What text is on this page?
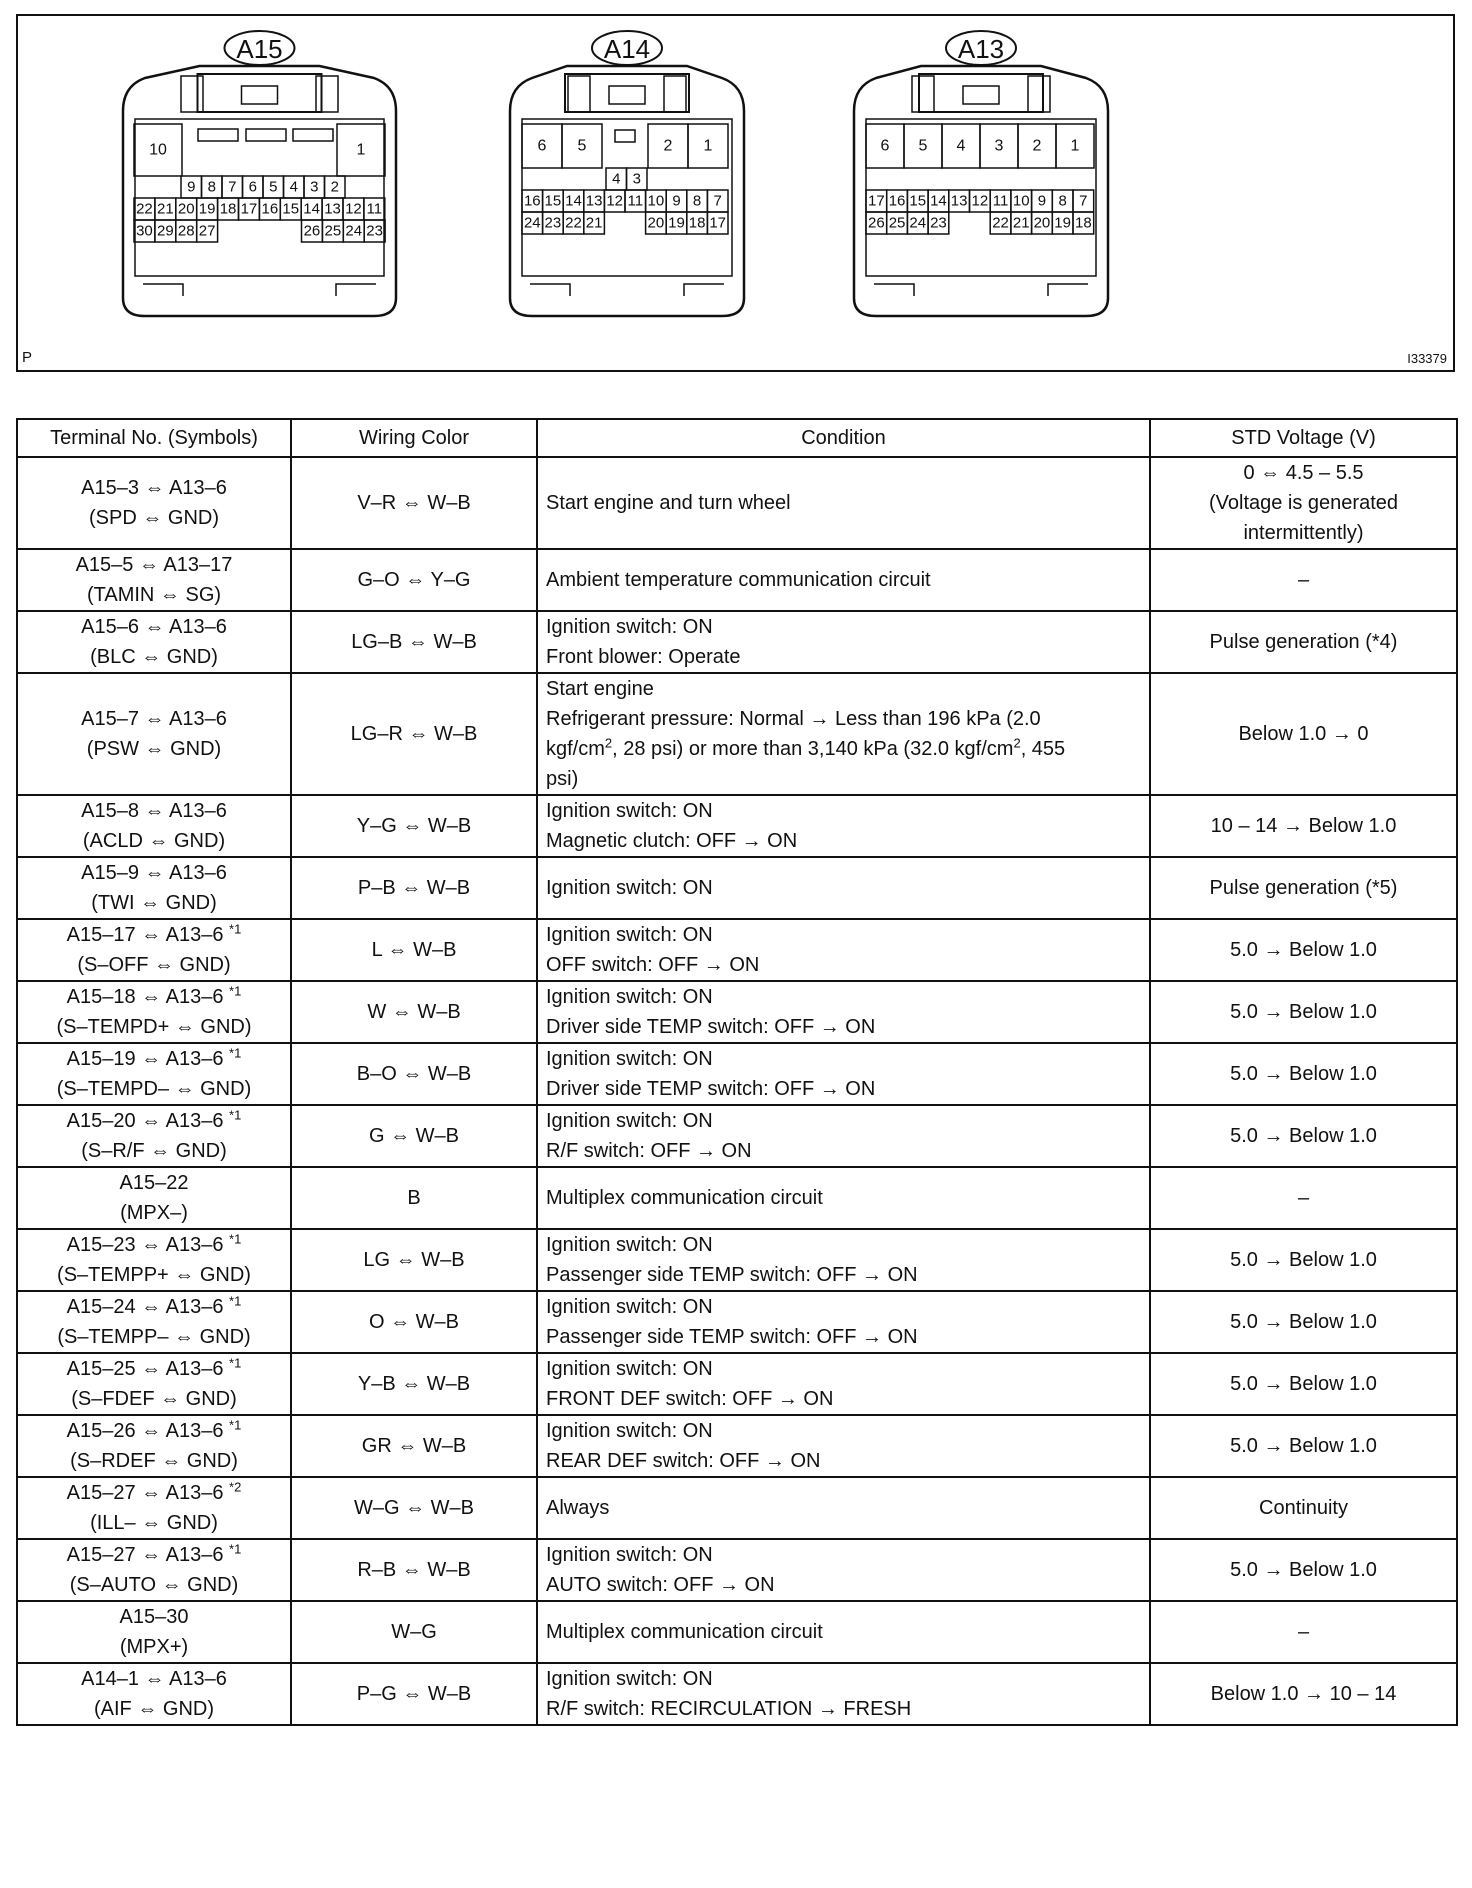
A15
10	1
9 8 7 6 5 4 3 2
22 21 20 19 18 17 16 15 14 13 12 11
30 29 28 27	26 25 24 23
A14
6 5	2 1
4 3
16 15 14 13 12 11 10 9 8 7
24 23 22 21	20 19 18 17
A13
6 5 4 3 2 1
17 16 15 14 13 12 11 10 9 8 7
26 25 24 23	22 21 20 19 18
P	I33379
Terminal No. (Symbols)	Wiring Color	Condition	STD Voltage (V)

A15–3 ⇔ A13–6
(SPD ⇔ GND)	V–R ⇔ W–B	Start engine and turn wheel	0 ⇔ 4.5 – 5.5
(Voltage is generated
intermittently)

A15–5 ⇔ A13–17
(TAMIN ⇔ SG)	G–O ⇔ Y–G	Ambient temperature communication circuit	–

A15–6 ⇔ A13–6
(BLC ⇔ GND)	LG–B ⇔ W–B	Ignition switch: ON
Front blower: Operate	Pulse generation (*4)

A15–7 ⇔ A13–6
(PSW ⇔ GND)	LG–R ⇔ W–B	Start engine
Refrigerant pressure: Normal → Less than 196 kPa (2.0
kgf/$cm^2$, 28 psi) or more than 3,140 kPa (32.0 kgf/$cm^2$, 455
psi)	Below 1.0 → 0

A15–8 ⇔ A13–6
(ACLD ⇔ GND)	Y–G ⇔ W–B	Ignition switch: ON
Magnetic clutch: OFF → ON	10 – 14 → Below 1.0

A15–9 ⇔ A13–6
(TWI ⇔ GND)	P–B ⇔ W–B	Ignition switch: ON	Pulse generation (*5)

A15–17 ⇔ A13–6 $^{*1}$
(S–OFF ⇔ GND)	L ⇔ W–B	Ignition switch: ON
OFF switch: OFF → ON	5.0 → Below 1.0

A15–18 ⇔ A13–6 $^{*1}$
(S–TEMPD+ ⇔ GND)	W ⇔ W–B	Ignition switch: ON
Driver side TEMP switch: OFF → ON	5.0 → Below 1.0

A15–19 ⇔ A13–6 $^{*1}$
(S–TEMPD– ⇔ GND)	B–O ⇔ W–B	Ignition switch: ON
Driver side TEMP switch: OFF → ON	5.0 → Below 1.0

A15–20 ⇔ A13–6 $^{*1}$
(S–R/F ⇔ GND)	G ⇔ W–B	Ignition switch: ON
R/F switch: OFF → ON	5.0 → Below 1.0

A15–22
(MPX–)	B	Multiplex communication circuit	–

A15–23 ⇔ A13–6 $^{*1}$
(S–TEMPP+ ⇔ GND)	LG ⇔ W–B	Ignition switch: ON
Passenger side TEMP switch: OFF → ON	5.0 → Below 1.0

A15–24 ⇔ A13–6 $^{*1}$
(S–TEMPP– ⇔ GND)	O ⇔ W–B	Ignition switch: ON
Passenger side TEMP switch: OFF → ON	5.0 → Below 1.0

A15–25 ⇔ A13–6 $^{*1}$
(S–FDEF ⇔ GND)	Y–B ⇔ W–B	Ignition switch: ON
FRONT DEF switch: OFF → ON	5.0 → Below 1.0

A15–26 ⇔ A13–6 $^{*1}$
(S–RDEF ⇔ GND)	GR ⇔ W–B	Ignition switch: ON
REAR DEF switch: OFF → ON	5.0 → Below 1.0

A15–27 ⇔ A13–6 $^{*2}$
(ILL– ⇔ GND)	W–G ⇔ W–B	Always	Continuity

A15–27 ⇔ A13–6 $^{*1}$
(S–AUTO ⇔ GND)	R–B ⇔ W–B	Ignition switch: ON
AUTO switch: OFF → ON	5.0 → Below 1.0

A15–30
(MPX+)	W–G	Multiplex communication circuit	–

A14–1 ⇔ A13–6
(AIF ⇔ GND)	P–G ⇔ W–B	Ignition switch: ON
R/F switch: RECIRCULATION → FRESH	Below 1.0 → 10 – 14
